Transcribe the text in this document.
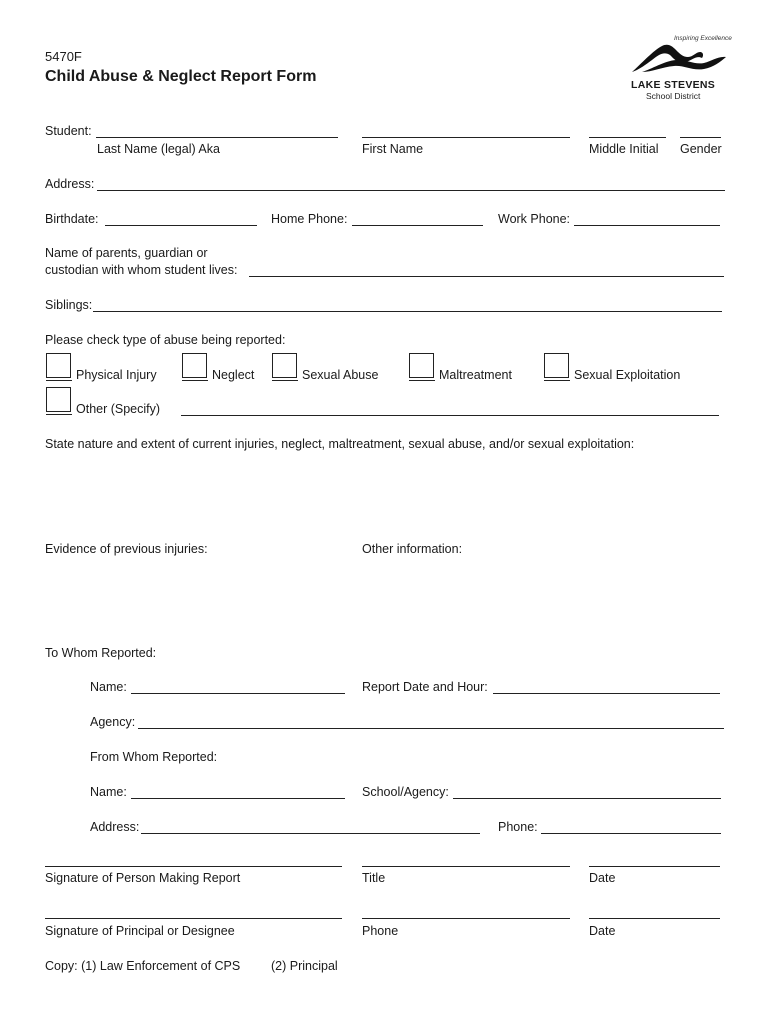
5470F
Child Abuse & Neglect Report Form
Inspiring Excellence
LAKE STEVENS
School District
Student:
Last Name (legal) Aka	First Name	Middle Initial Gender
Address:
Birthdate:	Home Phone:	Work Phone:
Name of parents, guardian or
custodian with whom student lives:
Siblings:
Please check type of abuse being reported:
Physical Injury	Neglect	Sexual Abuse	Maltreatment	Sexual Exploitation
Other (Specify)
State nature and extent of current injuries, neglect, maltreatment, sexual abuse, and/or sexual exploitation:
Evidence of previous injuries:	Other information:
To Whom Reported:
Name:	Report Date and Hour:
Agency:
From Whom Reported:
Name:	School/Agency:
Address:	Phone:
Signature of Person Making Report	Title	Date
Signature of Principal or Designee	Phone	Date
Copy: (1) Law Enforcement of CPS (2) Principal
